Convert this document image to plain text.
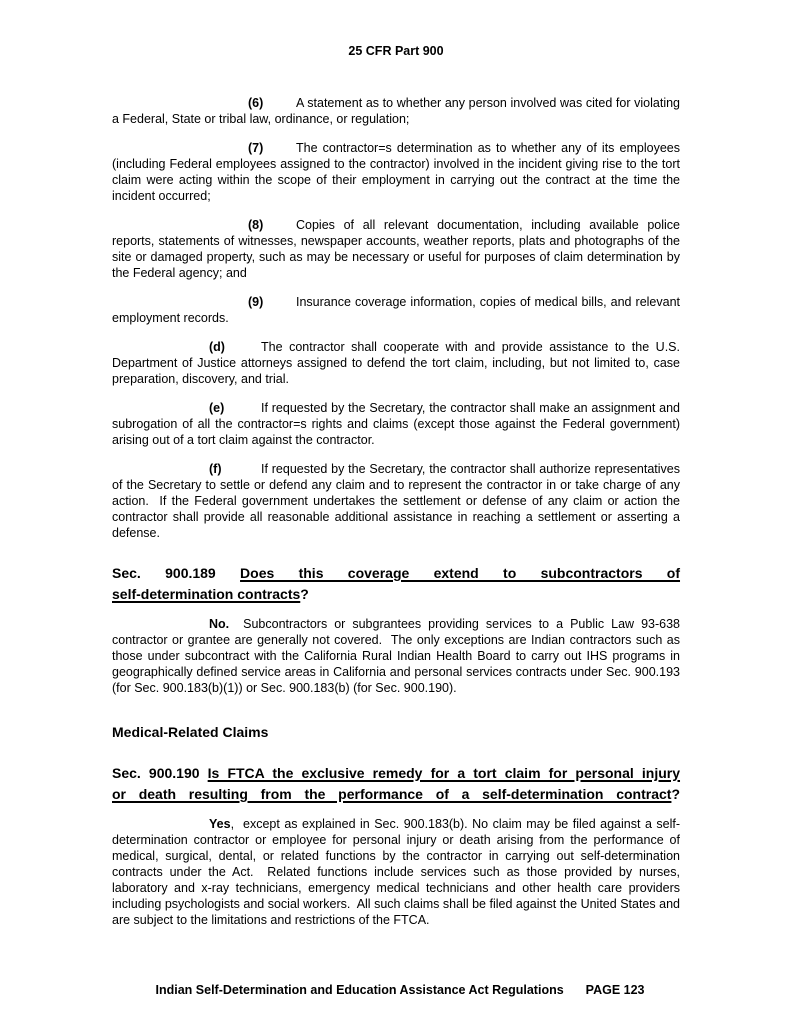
25 CFR Part 900

(6)	A statement as to whether any person involved was cited for violating a Federal, State or tribal law, ordinance, or regulation;

(7)	The contractor=s determination as to whether any of its employees (including Federal employees assigned to the contractor) involved in the incident giving rise to the tort claim were acting within the scope of their employment in carrying out the contract at the time the incident occurred;

(8)	Copies of all relevant documentation, including available police reports, statements of witnesses, newspaper accounts, weather reports, plats and photographs of the site or damaged property, such as may be necessary or useful for purposes of claim determination by the Federal agency; and

(9)	Insurance coverage information, copies of medical bills, and relevant employment records.

(d)	The contractor shall cooperate with and provide assistance to the U.S. Department of Justice attorneys assigned to defend the tort claim, including, but not limited to, case preparation, discovery, and trial.

(e)	If requested by the Secretary, the contractor shall make an assignment and subrogation of all the contractor=s rights and claims (except those against the Federal government) arising out of a tort claim against the contractor.

(f)	If requested by the Secretary, the contractor shall authorize representatives of the Secretary to settle or defend any claim and to represent the contractor in or take charge of any action.  If the Federal government undertakes the settlement or defense of any claim or action the contractor shall provide all reasonable additional assistance in reaching a settlement or asserting a defense.

Sec. 900.189 Does this coverage extend to subcontractors of
self-determination contracts?

No.  Subcontractors or subgrantees providing services to a Public Law 93-638 contractor or grantee are generally not covered.  The only exceptions are Indian contractors such as those under subcontract with the California Rural Indian Health Board to carry out IHS programs in geographically defined service areas in California and personal services contracts under Sec. 900.193 (for Sec. 900.183(b)(1)) or Sec. 900.183(b) (for Sec. 900.190).

Medical-Related Claims
Sec. 900.190 Is FTCA the exclusive remedy for a tort claim for personal injury
or death resulting from the performance of a self-determination contract?

Yes,  except as explained in Sec. 900.183(b). No claim may be filed against a self-determination contractor or employee for personal injury or death arising from the performance of medical, surgical, dental, or related functions by the contractor in carrying out self-determination contracts under the Act.  Related functions include services such as those provided by nurses, laboratory and x-ray technicians, emergency medical technicians and other health care providers including psychologists and social workers.  All such claims shall be filed against the United States and are subject to the limitations and restrictions of the FTCA.

Indian Self-Determination and Education Assistance Act Regulations PAGE 123
